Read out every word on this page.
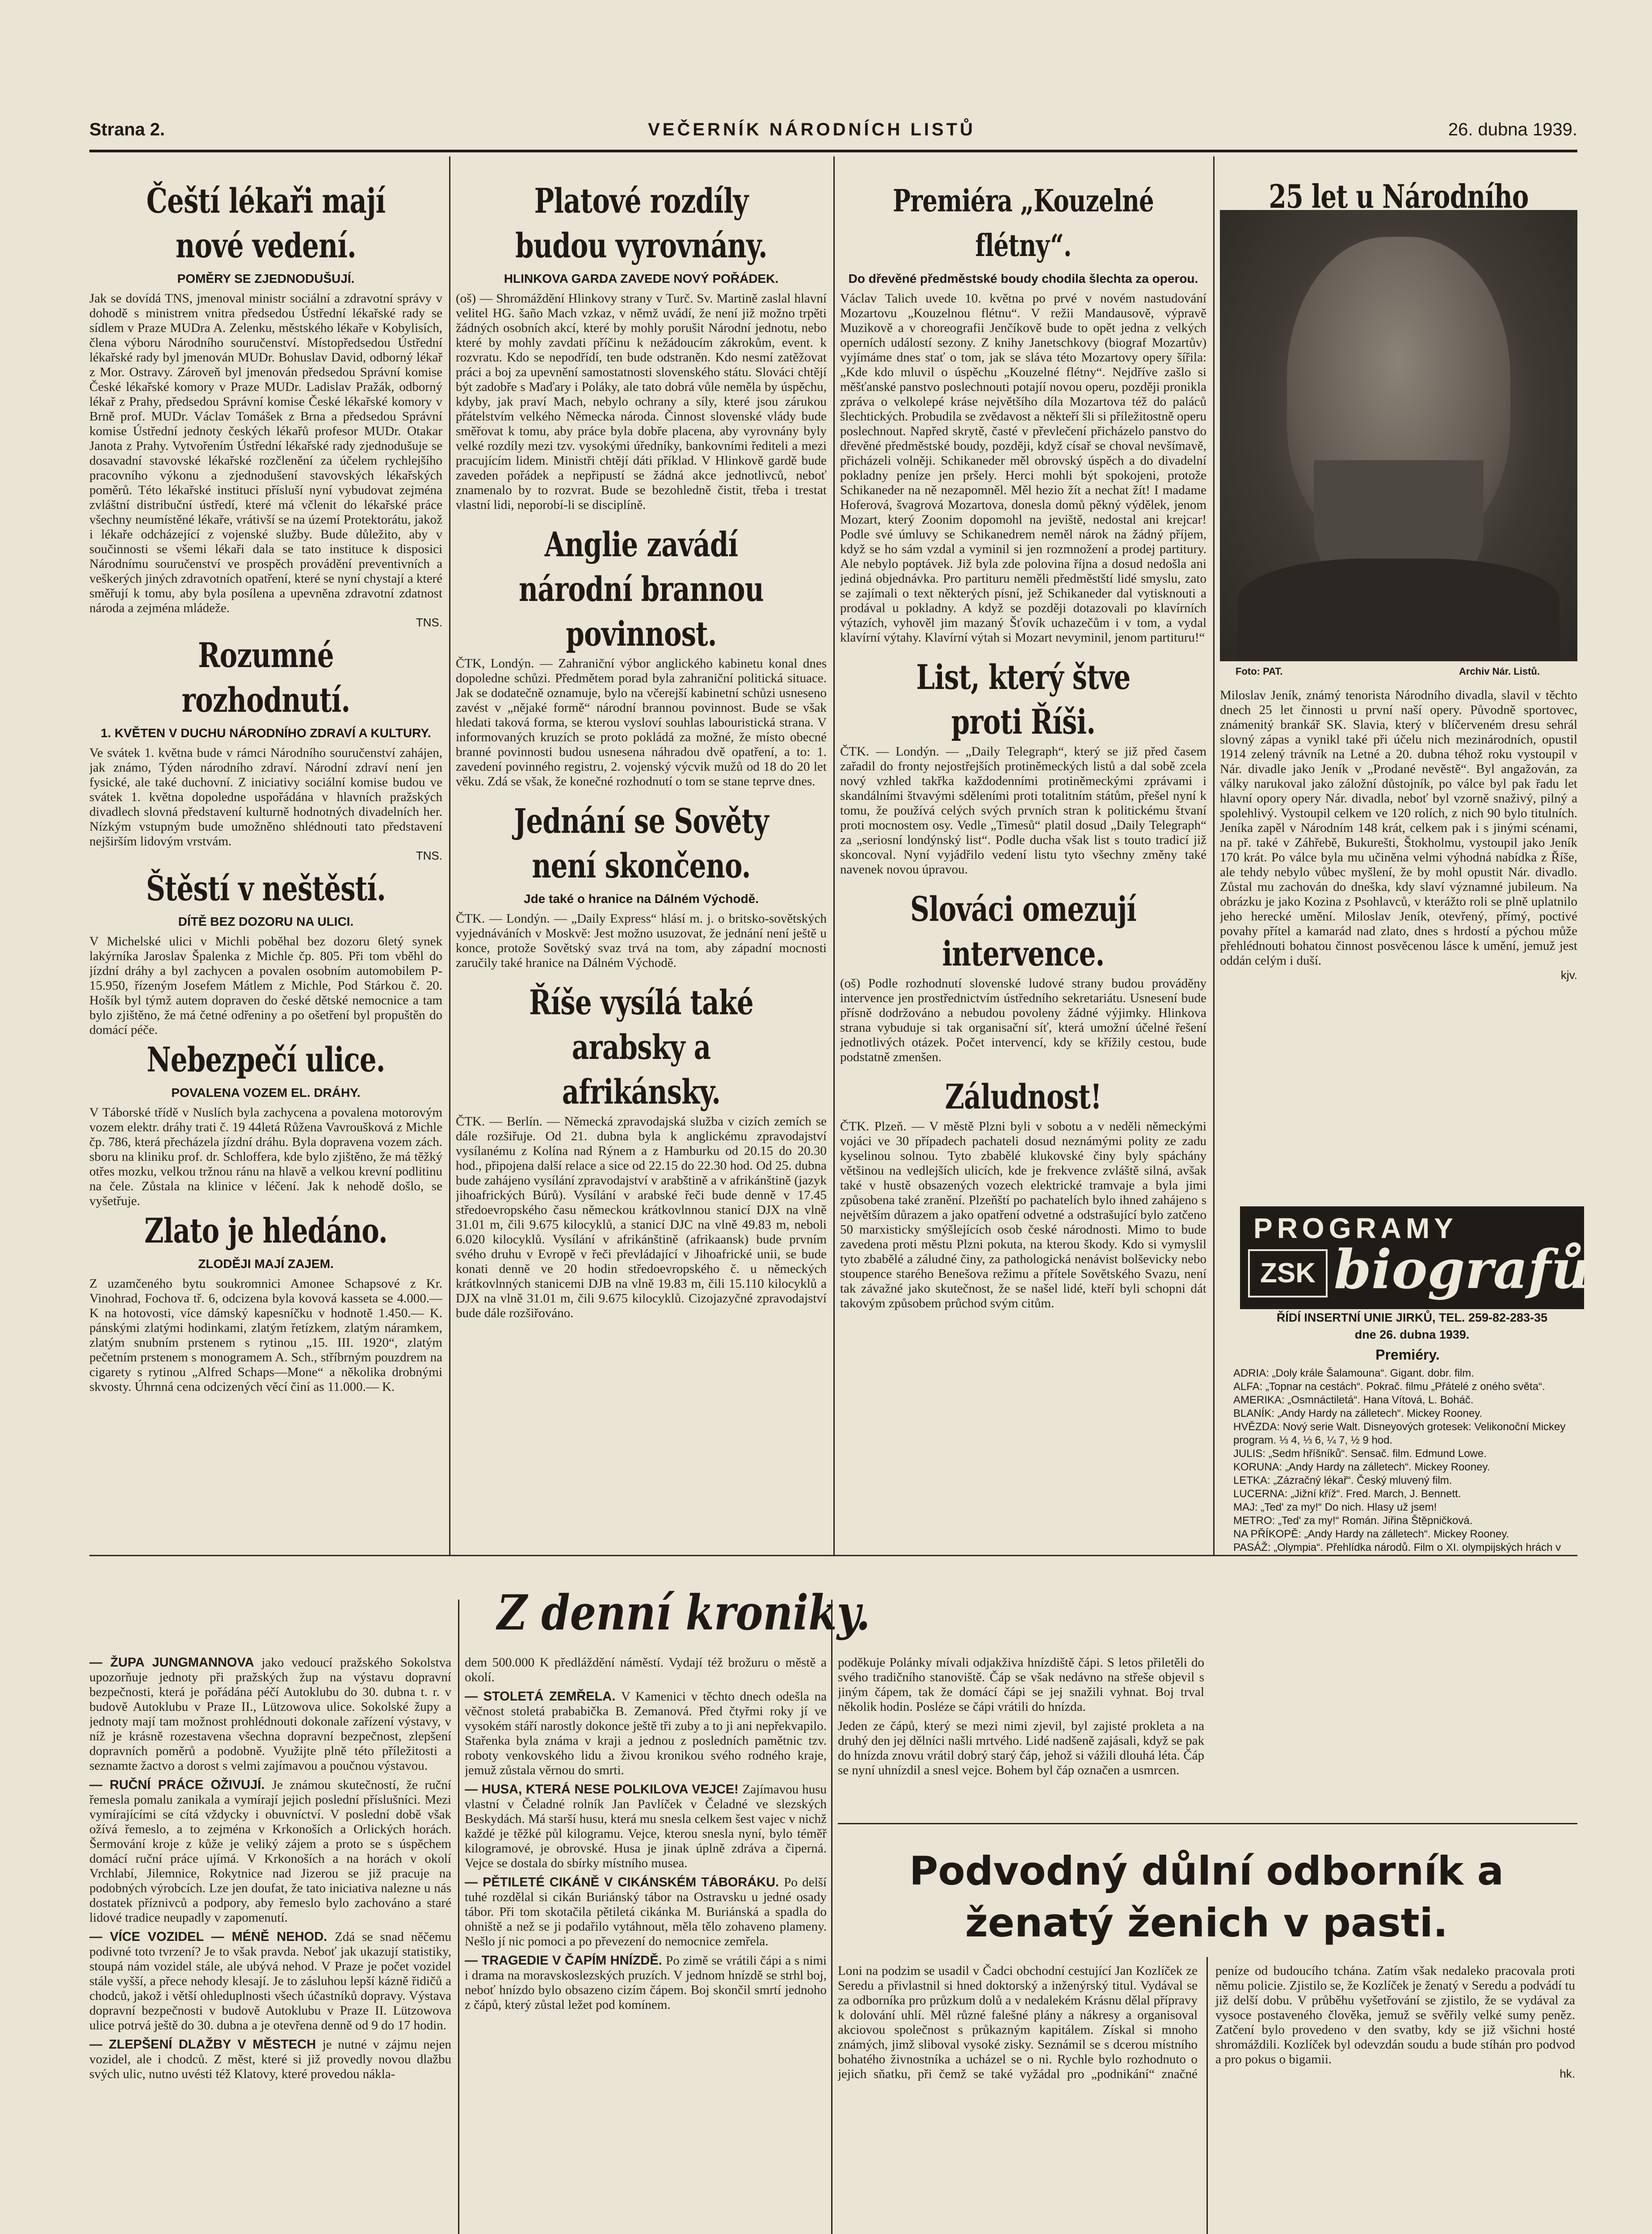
Strana 2.	VEČERNÍK NÁRODNÍCH LISTŮ	26. dubna 1939.
Čeští lékaři mají nové vedení.
POMĚRY SE ZJEDNODUŠUJÍ.

Jak se dovídá TNS, jmenoval ministr sociální a zdravotní správy v dohodě s ministrem vnitra předsedou Ústřední lékařské rady se sídlem v Praze MUDra A. Zelenku, městského lékaře v Kobylisích, člena výboru Národního souručenství. Místopředsedou Ústřední lékařské rady byl jmenován MUDr. Bohuslav David, odborný lékař z Mor. Ostravy. Zároveň byl jmenován předsedou Správní komise České lékařské komory v Praze MUDr. Ladislav Pražák, odborný lékař z Prahy, předsedou Správní komise České lékařské komory v Brně prof. MUDr. Václav Tomášek z Brna a předsedou Správní komise Ústřední jednoty českých lékařů profesor MUDr. Otakar Janota z Prahy. Vytvořením Ústřední lékařské rady zjednodušuje se dosavadní stavovské lékařské rozčlenění za účelem rychlejšího pracovního výkonu a zjednodušení stavovských lékařských poměrů. Této lékařské instituci přísluší nyní vybudovat zejména zvláštní distribuční ústředí, které má včlenit do lékařské práce všechny neumístěné lékaře, vrátivší se na území Protektorátu, jakož i lékaře odcházející z vojenské služby. Bude důležito, aby v součinnosti se všemi lékaři dala se tato instituce k disposici Národnímu souručenství ve prospěch provádění preventivních a veškerých jiných zdravotních opatření, které se nyní chystají a které směřují k tomu, aby byla posílena a upevněna zdravotní zdatnost národa a zejména mládeže.

TNS.

Rozumné rozhodnutí.
1. KVĚTEN V DUCHU NÁRODNÍHO ZDRAVÍ A KULTURY.

Ve svátek 1. května bude v rámci Národního souručenství zahájen, jak známo, Týden národního zdraví. Národní zdraví není jen fysické, ale také duchovní. Z iniciativy sociální komise budou ve svátek 1. května dopoledne uspořádána v hlavních pražských divadlech slovná představení kulturně hodnotných divadelních her. Nízkým vstupným bude umožněno shlédnouti tato představení nejširším lidovým vrstvám.

TNS.

Štěstí v neštěstí.
DÍTĚ BEZ DOZORU NA ULICI.

V Michelské ulici v Michli poběhal bez dozoru 6letý synek lakýrníka Jaroslav Špalenka z Michle čp. 805. Při tom vběhl do jízdní dráhy a byl zachycen a povalen osobním automobilem P-15.950, řízeným Josefem Mátlem z Michle, Pod Stárkou č. 20. Hošík byl týmž autem dopraven do české dětské nemocnice a tam bylo zjištěno, že má četné odřeniny a po ošetření byl propuštěn do domácí péče.

Nebezpečí ulice.
POVALENA VOZEM EL. DRÁHY.

V Táborské třídě v Nuslích byla zachycena a povalena motorovým vozem elektr. dráhy trati č. 19 44letá Růžena Vavroušková z Michle čp. 786, která přecházela jízdní dráhu. Byla dopravena vozem zách. sboru na kliniku prof. dr. Schloffera, kde bylo zjištěno, že má těžký otřes mozku, velkou tržnou ránu na hlavě a velkou krevní podlitinu na čele. Zůstala na klinice v léčení. Jak k nehodě došlo, se vyšetřuje.

Zlato je hledáno.
ZLODĚJI MAJÍ ZAJEM.

Z uzamčeného bytu soukromnici Amonee Schapsové z Kr. Vinohrad, Fochova tř. 6, odcizena byla kovová kasseta se 4.000.— K na hotovosti, více dámský kapesníčku v hodnotě 1.450.— K. pánskými zlatými hodinkami, zlatým řetízkem, zlatým náramkem, zlatým snubním prstenem s rytinou „15. III. 1920“, zlatým pečetním prstenem s monogramem A. Sch., stříbrným pouzdrem na cigarety s rytinou „Alfred Schaps—Mone“ a několika drobnými skvosty. Úhrnná cena odcizených věcí činí as 11.000.— K.

Platové rozdíly budou vyrovnány.
HLINKOVA GARDA ZAVEDE NOVÝ POŘÁDEK.

(oš) — Shromáždění Hlinkovy strany v Turč. Sv. Martině zaslal hlavní velitel HG. šaño Mach vzkaz, v němž uvádí, že není již možno trpěti žádných osobních akcí, které by mohly porušit Národní jednotu, nebo které by mohly zavdati příčinu k nežádoucím zákrokům, event. k rozvratu. Kdo se nepodřídí, ten bude odstraněn. Kdo nesmí zatěžovat práci a boj za upevnění samostatnosti slovenského státu. Slováci chtějí být zadobře s Maďary i Poláky, ale tato dobrá vůle neměla by úspěchu, kdyby, jak praví Mach, nebylo ochrany a síly, které jsou zárukou přátelstvím velkého Německa národa. Činnost slovenské vlády bude směřovat k tomu, aby práce byla dobře placena, aby vyrovnány byly velké rozdíly mezi tzv. vysokými úředníky, bankovními řediteli a mezi pracujícím lidem. Ministři chtějí dáti příklad. V Hlinkově gardě bude zaveden pořádek a nepřipustí se žádná akce jednotlivců, neboť znamenalo by to rozvrat. Bude se bezohledně čistit, třeba i trestat vlastní lidi, neporobí-li se disciplíně.

Anglie zavádí národní brannou povinnost.

ČTK, Londýn. — Zahraniční výbor anglického kabinetu konal dnes dopoledne schůzi. Předmětem porad byla zahraniční politická situace. Jak se dodatečně oznamuje, bylo na včerejší kabinetní schůzi usneseno zavést v „nějaké formě“ národní brannou povinnost. Bude se však hledati taková forma, se kterou vysloví souhlas labouristická strana. V informovaných kruzích se proto pokládá za možné, že místo obecné branné povinnosti budou usnesena náhradou dvě opatření, a to: 1. zavedení povinného registru, 2. vojenský výcvik mužů od 18 do 20 let věku. Zdá se však, že konečné rozhodnutí o tom se stane teprve dnes.

Jednání se Sověty není skončeno.
Jde také o hranice na Dálném Východě.

ČTK. — Londýn. — „Daily Express“ hlásí m. j. o britsko-sovětských vyjednáváních v Moskvě: Jest možno usuzovat, že jednání není ještě u konce, protože Sovětský svaz trvá na tom, aby západní mocnosti zaručily také hranice na Dálném Východě.

Říše vysílá také arabsky a afrikánsky.

ČTK. — Berlín. — Německá zpravodajská služba v cizích zemích se dále rozšiřuje. Od 21. dubna byla k anglickému zpravodajství vysílanému z Kolína nad Rýnem a z Hamburku od 20.15 do 20.30 hod., připojena další relace a sice od 22.15 do 22.30 hod. Od 25. dubna bude zahájeno vysílání zpravodajství v arabštině a v afrikánštině (jazyk jihoafrických Búrů). Vysílání v arabské řeči bude denně v 17.45 středoevropského času německou krátkovlnnou stanicí DJX na vlně 31.01 m, čili 9.675 kilocyklů, a stanicí DJC na vlně 49.83 m, neboli 6.020 kilocyklů. Vysílání v afrikánštině (afrikaansk) bude prvním svého druhu v Evropě v řeči převládající v Jihoafrické unii, se bude konati denně ve 20 hodin středoevropského č. u německých krátkovlnných stanicemi DJB na vlně 19.83 m, čili 15.110 kilocyklů a DJX na vlně 31.01 m, čili 9.675 kilocyklů. Cizojazyčné zpravodajství bude dále rozšiřováno.

Premiéra „Kouzelné flétny“.
Do dřevěné předměstské boudy chodila šlechta za operou.

Václav Talich uvede 10. května po prvé v novém nastudování Mozartovu „Kouzelnou flétnu“. V režii Mandausově, výpravě Muzikově a v choreografii Jenčíkově bude to opět jedna z velkých operních událostí sezony. Z knihy Janetschkovy (biograf Mozartův) vyjímáme dnes stať o tom, jak se sláva této Mozartovy opery šířila: „Kde kdo mluvil o úspěchu „Kouzelné flétny“. Nejdříve zašlo si měšťanské panstvo poslechnouti potajíí novou operu, později pronikla zpráva o velkolepé kráse největšího díla Mozartova též do paláců šlechtických. Probudila se zvědavost a někteří šli si příležitostně operu poslechnout. Napřed skrytě, časté v převlečení přicházelo panstvo do dřevěné předměstské boudy, později, když císař se choval nevšímavě, přicházeli volněji. Schikaneder měl obrovský úspěch a do divadelní pokladny peníze jen pršely. Herci mohli být spokojeni, protože Schikaneder na ně nezapomněl. Měl hezio žít a nechat žít! I madame Hoferová, švagrová Mozartova, donesla domů pěkný výdělek, jenom Mozart, který Zoonim dopomohl na jeviště, nedostal ani krejcar! Podle své úmluvy se Schikanedrem neměl nárok na žádný příjem, když se ho sám vzdal a vyminil si jen rozmnožení a prodej partitury. Ale nebylo poptávek. Již byla zde polovina října a dosud nedošla ani jediná objednávka. Pro partituru neměli předměstští lidé smyslu, zato se zajímali o text některých písní, jež Schikaneder dal vytisknouti a prodával u pokladny. A když se později dotazovali po klavírních výtazích, vyhověl jim mazaný Šťovík uchazečům i v tom, a vydal klavírní výtahy. Klavírní výtah si Mozart nevyminil, jenom partituru!“

List, který štve proti Říši.

ČTK. — Londýn. — „Daily Telegraph“, který se již před časem zařadil do fronty nejostřejších protiněmeckých listů a dal sobě zcela nový vzhled takřka každodenními protiněmeckými zprávami i skandálními štvavými sděleními proti totalitním státům, přešel nyní k tomu, že používá celých svých prvních stran k politickému štvaní proti mocnostem osy. Vedle „Timesů“ platil dosud „Daily Telegraph“ za „seriosní londýnský list“. Podle ducha však list s touto tradicí již skoncoval. Nyní vyjádřilo vedení listu tyto všechny změny také navenek novou úpravou.

Slováci omezují intervence.

(oš) Podle rozhodnutí slovenské ludové strany budou prováděny intervence jen prostřednictvím ústředního sekretariátu. Usnesení bude přísně dodržováno a nebudou povoleny žádné výjimky. Hlinkova strana vybuduje si tak organisační síť, která umožní účelné řešení jednotlivých otázek. Počet intervencí, kdy se křížily cestou, bude podstatně zmenšen.

Záludnost!

ČTK. Plzeň. — V městě Plzni byli v sobotu a v neděli německými vojáci ve 30 případech pachateli dosud neznámými polity ze zadu kyselinou solnou. Tyto zbabělé klukovské činy byly spáchány většinou na vedlejších ulicích, kde je frekvence zvláště silná, avšak také v hustě obsazených vozech elektrické tramvaje a byla jimi způsobena také zranění. Plzeňští po pachatelích bylo ihned zahájeno s největším důrazem a jako opatření odvetné a odstrašující bylo zatčeno 50 marxisticky smýšlejících osob české národnosti. Mimo to bude zavedena proti městu Plzni pokuta, na kterou škody. Kdo si vymyslil tyto zbabělé a záludné činy, za pathologická nenávist bolševicky nebo stoupence starého Benešova režimu a přítele Sovětského Svazu, není tak závažné jako skutečnost, že se našel lidé, kteří byli schopni dát takovým způsobem průchod svým citům.

25 let u Národního
Foto: PAT.	Archiv Nár. Listů.

Miloslav Jeník, známý tenorista Národního divadla, slavil v těchto dnech 25 let činnosti u první naší opery. Původně sportovec, známenitý brankář SK. Slavia, který v blíčerveném dresu sehrál slovný zápas a vynikl také při účelu nich mezinárodních, opustil 1914 zelený trávník na Letné a 20. dubna téhož roku vystoupil v Nár. divadle jako Jeník v „Prodané nevěstě“. Byl angažován, za války narukoval jako záložní důstojník, po válce byl pak řadu let hlavní opory opery Nár. divadla, neboť byl vzorně snaživý, pilný a spolehlivý. Vystoupil celkem ve 120 rolích, z nich 90 bylo titulních. Jeníka zapěl v Národním 148 krát, celkem pak i s jinými scénami, na př. také v Záhřebě, Bukurešti, Štokholmu, vystoupil jako Jeník 170 krát. Po válce byla mu učiněna velmi výhodná nabídka z Říše, ale tehdy nebylo vůbec myšlení, že by mohl opustit Nár. divadlo. Zůstal mu zachován do dneška, kdy slaví významné jubileum. Na obrázku je jako Kozina z Psohlavců, v kterážto roli se plně uplatnilo jeho herecké umění. Miloslav Jeník, otevřený, přímý, poctivé povahy přítel a kamarád nad zlato, dnes s hrdostí a pýchou může přehlédnouti bohatou činnost posvěcenou lásce k umění, jemuž jest oddán celým i duší.

kjv.

PROGRAMY
ZSK biografů
ŘÍDÍ INSERTNÍ UNIE JIRKŮ, TEL. 259-82-283-35
dne 26. dubna 1939.
Premiéry.

ADRIA: „Doly krále Šalamouna“. Gigant. dobr. film.

ALFA: „Topnar na cestách“. Pokrač. filmu „Přátelé z oného světa“.

AMERIKA: „Osmnáctiletá“. Hana Vítová, L. Boháč.

BLANÍK: „Andy Hardy na zálletech“. Mickey Rooney.

HVĚZDA: Nový serie Walt. Disneyových grotesek: Velikonoční Mickey program. ⅓ 4, ⅓ 6, ¼ 7, ½ 9 hod.

JULIS: „Sedm hříšníků“. Sensač. film. Edmund Lowe.

KORUNA: „Andy Hardy na zálletech“. Mickey Rooney.

LETKA: „Zázračný lékař“. Český mluvený film.

LUCERNA: „Jižní kříž“. Fred. March, J. Bennett.

MAJ: „Ted' za my!“ Do nich. Hlasy už jsem!

METRO: „Ted' za my!“ Román. Jiřina Štěpničková.

NA PŘÍKOPĚ: „Andy Hardy na zálletech“. Mickey Rooney.

PASÁŽ: „Olympia“. Přehlídka národů. Film o XI. olympijských hrách v

Z denní kroniky.

— ŽUPA JUNGMANNOVA jako vedoucí pražského Sokolstva upozorňuje jednoty při pražských žup na výstavu dopravní bezpečnosti, která je pořádána péčí Autoklubu do 30. dubna t. r. v budově Autoklubu v Praze II., Lützowova ulice. Sokolské župy a jednoty mají tam možnost prohlédnouti dokonale zařízení výstavy, v níž je krásně rozestavena všechna dopravní bezpečnost, zlepšení dopravních poměrů a podobně. Využijte plně této příležitosti a seznamte žactvo a dorost s velmi zajímavou a poučnou výstavou.

— RUČNÍ PRÁCE OŽIVUJÍ. Je známou skutečností, že ruční řemesla pomalu zanikala a vymírají jejich poslední příslušníci. Mezi vymírajícími se cítá vždycky i obuvníctví. V poslední době však ožívá řemeslo, a to zejména v Krkonoších a Orlických horách. Šermování kroje z kůže je veliký zájem a proto se s úspěchem domácí ruční práce ujímá. V Krkonoších a na horách v okolí Vrchlabí, Jilemnice, Rokytnice nad Jizerou se již pracuje na podobných výrobcích. Lze jen doufat, že tato iniciativa nalezne u nás dostatek příznivců a podpory, aby řemeslo bylo zachováno a staré lidové tradice neupadly v zapomenutí.

— VÍCE VOZIDEL — MÉNĚ NEHOD. Zdá se snad něčemu podivné toto tvrzení? Je to však pravda. Neboť jak ukazují statistiky, stoupá nám vozidel stále, ale ubývá nehod. V Praze je počet vozidel stále vyšší, a přece nehody klesají. Je to zásluhou lepší kázně řidičů a chodců, jakož i větší ohleduplnosti všech účastníků dopravy. Výstava dopravní bezpečnosti v budově Autoklubu v Praze II. Lützowova ulice potrvá ještě do 30. dubna a je otevřena denně od 9 do 17 hodin.

— ZLEPŠENÍ DLAŽBY V MĚSTECH je nutné v zájmu nejen vozidel, ale i chodců. Z měst, které si již provedly novou dlažbu svých ulic, nutno uvésti též Klatovy, které provedou nákla-

dem 500.000 K předláždění náměstí. Vydají též brožuru o městě a okolí.

— STOLETÁ ZEMŘELA. V Kamenici v těchto dnech odešla na věčnost stoletá prababička B. Zemanová. Před čtyřmi roky jí ve vysokém stáří narostly dokonce ještě tři zuby a to ji ani nepřekvapilo. Stařenka byla známa v kraji a jednou z posledních pamětnic tzv. roboty venkovského lidu a živou kronikou svého rodného kraje, jemuž zůstala věrnou do smrti.

— HUSA, KTERÁ NESE POLKILOVA VEJCE! Zajímavou husu vlastní v Čeladné rolník Jan Pavlíček v Čeladné ve slezských Beskydách. Má starší husu, která mu snesla celkem šest vajec v nichž každé je těžké půl kilogramu. Vejce, kterou snesla nyní, bylo téměř kilogramové, je obrovské. Husa je jinak úplně zdráva a čiperná. Vejce se dostala do sbírky místního musea.

— PĚTILETÉ CIKÁNĚ V CIKÁNSKÉM TÁBORÁKU. Po delší tuhé rozdělal si cikán Buriánský tábor na Ostravsku u jedné osady tábor. Při tom skotačila pětiletá cikánka M. Buriánská a spadla do ohniště a než se ji podařilo vytáhnout, měla tělo zohaveno plameny. Nešlo jí nic pomoci a po převezení do nemocnice zemřela.

— TRAGEDIE V ČAPÍM HNÍZDĚ. Po zimě se vrátili čápi a s nimi i drama na moravskoslezských pruzích. V jednom hnízdě se strhl boj, neboť hnízdo bylo obsazeno cizím čápem. Boj skončil smrtí jednoho z čápů, který zůstal ležet pod komínem.

poděkuje Polánky mívali odjakživa hnízdiště čápi. S letos přiletěli do svého tradičního stanoviště. Čáp se však nedávno na střeše objevil s jiným čápem, tak že domácí čápi se jej snažili vyhnat. Boj trval několik hodin. Posléze se čápi vrátili do hnízda.

Jeden ze čápů, který se mezi nimi zjevil, byl zajisté prokleta a na druhý den jej dělníci našli mrtvého. Lidé nadšeně zajásali, když se pak do hnízda znovu vrátil dobrý starý čáp, jehož si vážili dlouhá léta. Čáp se nyní uhnízdil a snesl vejce. Bohem byl čáp označen a usmrcen.

Podvodný důlní odborník a ženatý ženich v pasti.

Loni na podzim se usadil v Čadci obchodní cestující Jan Kozlíček ze Seredu a přivlastnil si hned doktorský a inženýrský titul. Vydával se za odborníka pro průzkum dolů a v nedalekém Krásnu dělal přípravy k dolování uhlí. Měl různé falešné plány a nákresy a organisoval akciovou společnost s průkazným kapitálem. Získal si mnoho známých, jimž sliboval vysoké zisky. Seznámil se s dcerou místního bohatého živnostníka a ucházel se o ni. Rychle bylo rozhodnuto o jejich sňatku, při čemž se také vyžádal pro „podnikání“ značné peníze od budoucího tchána. Zatím však nedaleko pracovala proti němu policie. Zjistilo se, že Kozlíček je ženatý v Seredu a podvádí tu již delší dobu. V průběhu vyšetřování se zjistilo, že se vydával za vysoce postaveného člověka, jemuž se svěřily velké sumy peněz. Zatčení bylo provedeno v den svatby, kdy se již všichni hosté shromáždili. Kozlíček byl odevzdán soudu a bude stíhán pro podvod a pro pokus o bigamii.

hk.
